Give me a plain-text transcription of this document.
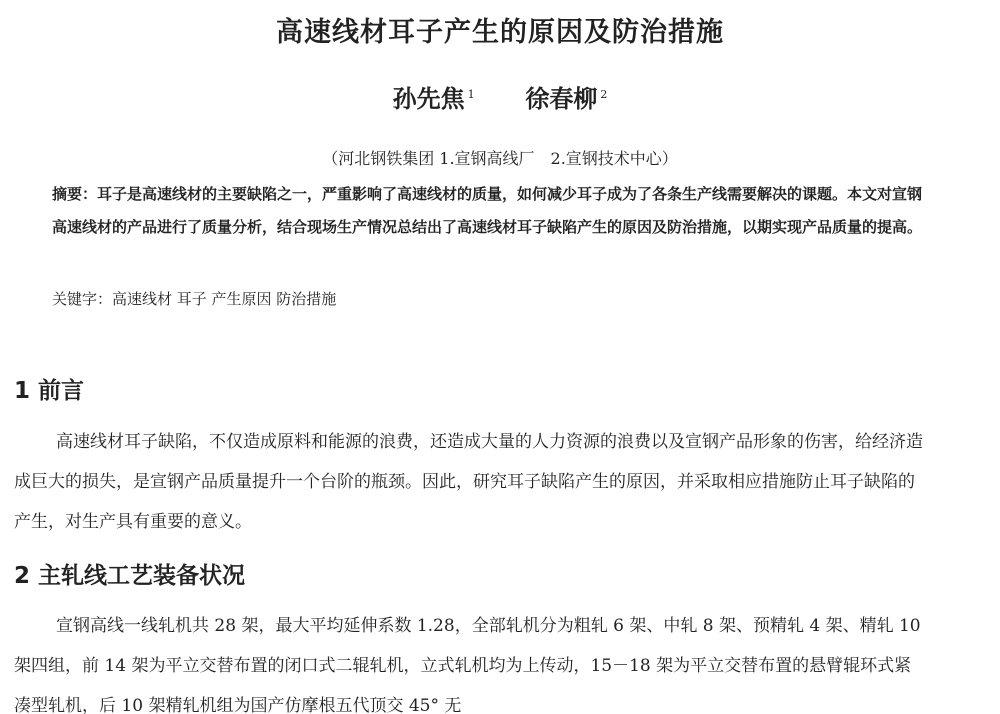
高速线材耳子产生的原因及防治措施
孙先焦 $^1$ 徐春柳 $^2$
（河北钢铁集团 1.宣钢高线厂　2.宣钢技术中心）
摘要：耳子是高速线材的主要缺陷之一，严重影响了高速线材的质量，如何减少耳子成为了各条生产线需要解决的课题。本文对宣钢高速线材的产品进行了质量分析，结合现场生产情况总结出了高速线材耳子缺陷产生的原因及防治措施，以期实现产品质量的提高。
关键字：高速线材 耳子 产生原因 防治措施
1 前言
高速线材耳子缺陷，不仅造成原料和能源的浪费，还造成大量的人力资源的浪费以及宣钢产品形象的伤害，给经济造成巨大的损失，是宣钢产品质量提升一个台阶的瓶颈。因此，研究耳子缺陷产生的原因，并采取相应措施防止耳子缺陷的产生，对生产具有重要的意义。
2 主轧线工艺装备状况
宣钢高线一线轧机共 28 架，最大平均延伸系数 1.28，全部轧机分为粗轧 6 架、中轧 8 架、预精轧 4 架、精轧 10 架四组，前 14 架为平立交替布置的闭口式二辊轧机，立式轧机均为上传动，15－18 架为平立交替布置的悬臂辊环式紧凑型轧机，后 10 架精轧机组为国产仿摩根五代顶交 45° 无
